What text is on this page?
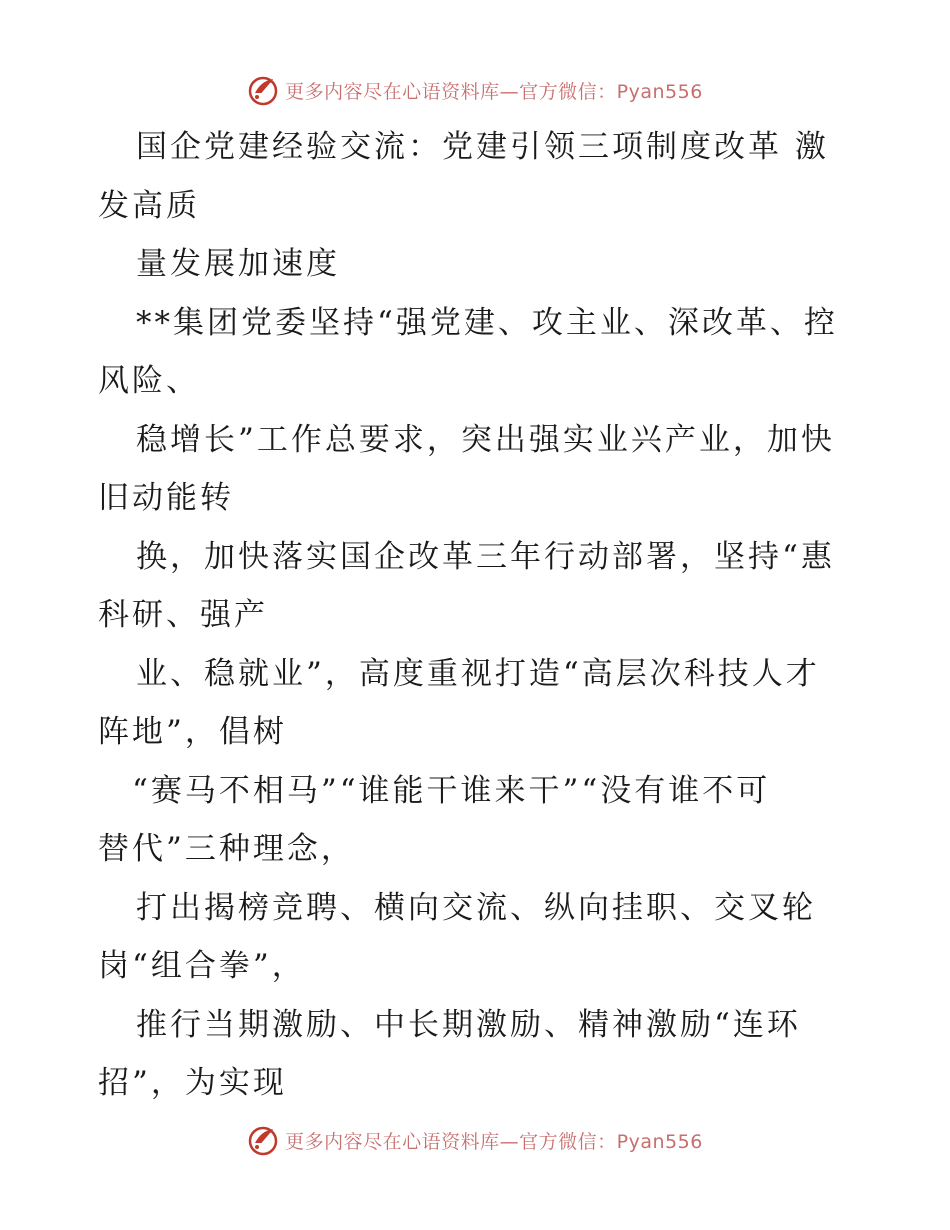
更多内容尽在心语资料库—官方微信：Pyan556
国企党建经验交流：党建引领三项制度改革 激
发高质
量发展加速度
**集团党委坚持“强党建、攻主业、深改革、控
风险、
稳增长”工作总要求，突出强实业兴产业，加快
旧动能转
换，加快落实国企改革三年行动部署，坚持“惠
科研、强产
业、稳就业”，高度重视打造“高层次科技人才
阵地”，倡树
“赛马不相马”“谁能干谁来干”“没有谁不可
替代”三种理念，
打出揭榜竞聘、横向交流、纵向挂职、交叉轮
岗“组合拳”，
推行当期激励、中长期激励、精神激励“连环
招”，为实现
更多内容尽在心语资料库—官方微信：Pyan556
